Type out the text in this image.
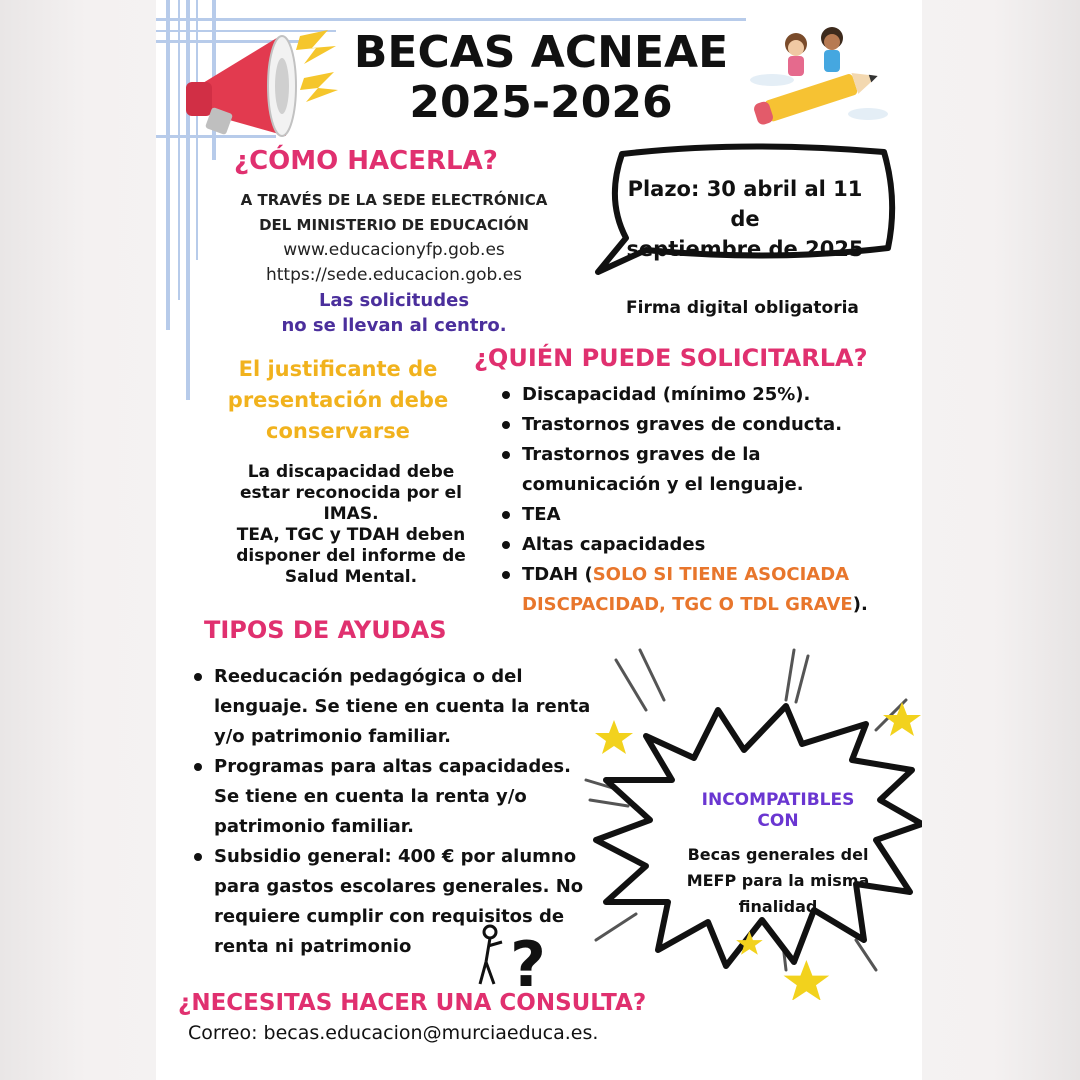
BECAS ACNEAE
2025-2026
¿CÓMO HACERLA?
A TRAVÉS DE LA SEDE ELECTRÓNICA
DEL MINISTERIO DE EDUCACIÓN
www.educacionyfp.gob.es
https://sede.educacion.gob.es
Las solicitudes
no se llevan al centro.
Plazo: 30 abril al 11 de
septiembre de 2025
Firma digital obligatoria
El justificante de
presentación debe
conservarse
La discapacidad debe
estar reconocida por el
IMAS.
TEA, TGC y TDAH deben
disponer del informe de
Salud Mental.
¿QUIÉN PUEDE SOLICITARLA?
Discapacidad (mínimo 25%).
Trastornos graves de conducta.
Trastornos graves de la
comunicación y el lenguaje.
TEA
Altas capacidades
TDAH (SOLO SI TIENE ASOCIADA
DISCPACIDAD, TGC O TDL GRAVE).
TIPOS DE AYUDAS
Reeducación pedagógica o del
lenguaje. Se tiene en cuenta la renta
y/o patrimonio familiar.
Programas para altas capacidades.
Se tiene en cuenta la renta y/o
patrimonio familiar.
Subsidio general: 400 € por alumno
para gastos escolares generales. No
requiere cumplir con requisitos de
renta ni patrimonio
INCOMPATIBLES
CON
Becas generales del
MEFP para la misma
finalidad
?
¿NECESITAS HACER UNA CONSULTA?
Correo: becas.educacion@murciaeduca.es.
